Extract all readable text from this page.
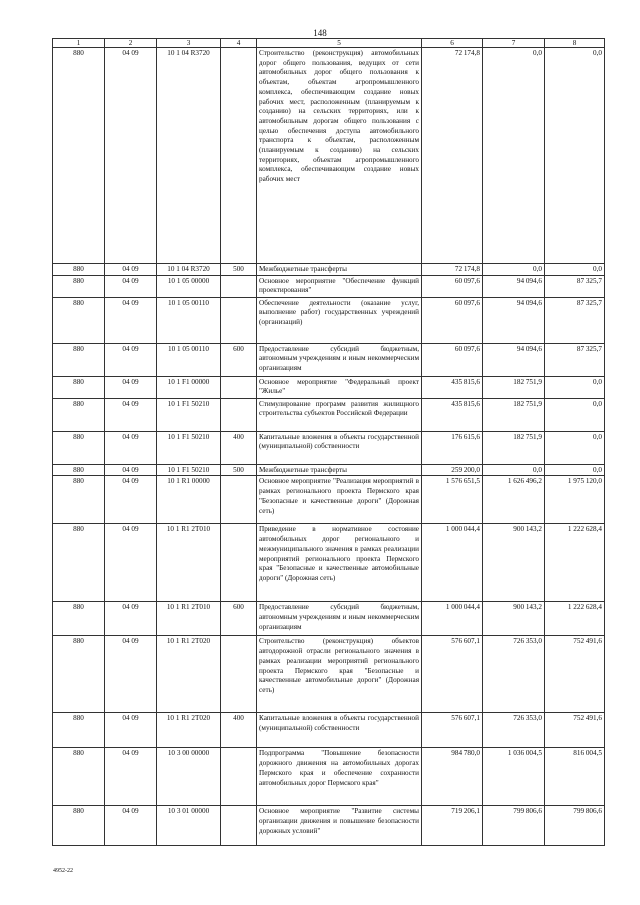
148
1	2	3	4	5	6	7	8
880	04 09	10 1 04 R3720		Строительство (реконструкция) автомобильных дорог общего пользования, ведущих от сети автомобильных дорог общего пользования к объектам, объектам агропромышленного комплекса, обеспечивающим создание новых рабочих мест, расположенным (планируемым к созданию) на сельских территориях, или к автомобильным дорогам общего пользования с целью обеспечения доступа автомобильного транспорта к объектам, расположенным (планируемым к созданию) на сельских территориях, объектам агропромышленного комплекса, обеспечивающим создание новых рабочих мест	72 174,8	0,0	0,0
880	04 09	10 1 04 R3720	500	Межбюджетные трансферты	72 174,8	0,0	0,0
880	04 09	10 1 05 00000		Основное мероприятие "Обеспечение функций проектирования"	60 097,6	94 094,6	87 325,7
880	04 09	10 1 05 00110		Обеспечение деятельности (оказание услуг, выполнение работ) государственных учреждений (организаций)	60 097,6	94 094,6	87 325,7
880	04 09	10 1 05 00110	600	Предоставление субсидий бюджетным, автономным учреждениям и иным некоммерческим организациям	60 097,6	94 094,6	87 325,7
880	04 09	10 1 F1 00000		Основное мероприятие "Федеральный проект "Жилье"	435 815,6	182 751,9	0,0
880	04 09	10 1 F1 50210		Стимулирование программ развития жилищного строительства субъектов Российской Федерации	435 815,6	182 751,9	0,0
880	04 09	10 1 F1 50210	400	Капитальные вложения в объекты государственной (муниципальной) собственности	176 615,6	182 751,9	0,0
880	04 09	10 1 F1 50210	500	Межбюджетные трансферты	259 200,0	0,0	0,0
880	04 09	10 1 R1 00000		Основное мероприятие "Реализация мероприятий в рамках регионального проекта Пермского края "Безопасные и качественные дороги" (Дорожная сеть)	1 576 651,5	1 626 496,2	1 975 120,0
880	04 09	10 1 R1 2T010		Приведение в нормативное состояние автомобильных дорог регионального и межмуниципального значения в рамках реализации мероприятий регионального проекта Пермского края "Безопасные и качественные автомобильные дороги" (Дорожная сеть)	1 000 044,4	900 143,2	1 222 628,4
880	04 09	10 1 R1 2T010	600	Предоставление субсидий бюджетным, автономным учреждениям и иным некоммерческим организациям	1 000 044,4	900 143,2	1 222 628,4
880	04 09	10 1 R1 2T020		Строительство (реконструкция) объектов автодорожной отрасли регионального значения в рамках реализации мероприятий регионального проекта Пермского края "Безопасные и качественные автомобильные дороги" (Дорожная сеть)	576 607,1	726 353,0	752 491,6
880	04 09	10 1 R1 2T020	400	Капитальные вложения в объекты государственной (муниципальной) собственности	576 607,1	726 353,0	752 491,6
880	04 09	10 3 00 00000		Подпрограмма "Повышение безопасности дорожного движения на автомобильных дорогах Пермского края и обеспечение сохранности автомобильных дорог Пермского края"	984 780,0	1 036 004,5	816 004,5
880	04 09	10 3 01 00000		Основное мероприятие "Развитие системы организации движения и повышение безопасности дорожных условий"	719 206,1	799 806,6	799 806,6
4952-22
